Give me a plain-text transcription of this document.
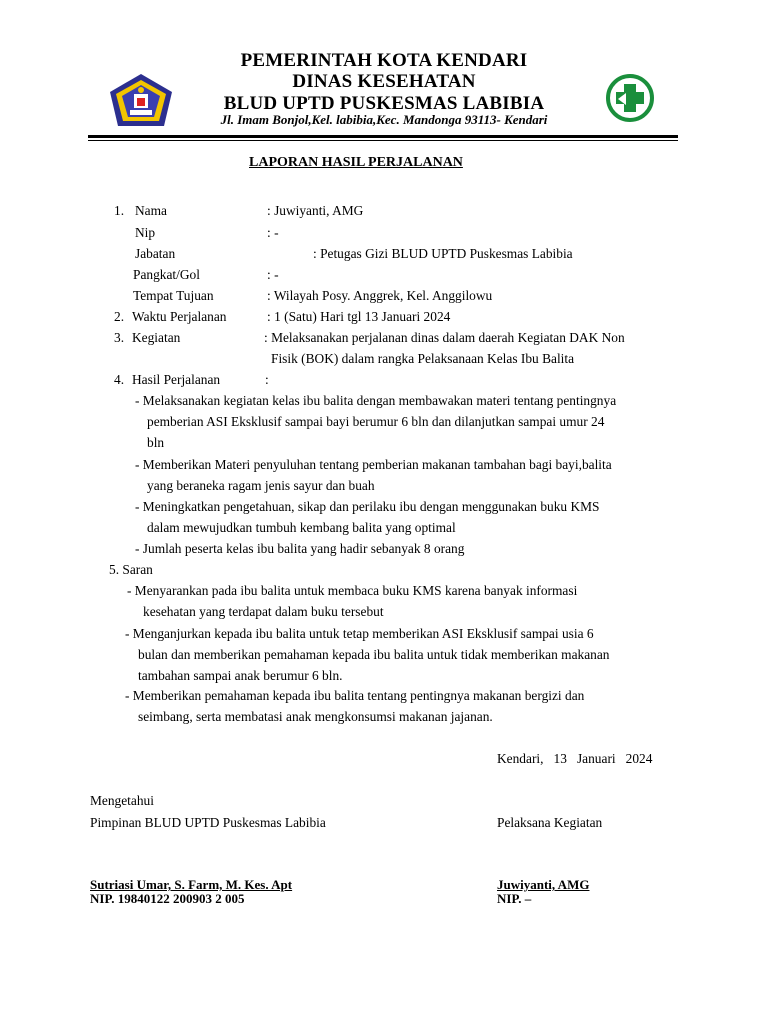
PEMERINTAH KOTA KENDARI
DINAS KESEHATAN
BLUD UPTD PUSKESMAS LABIBIA
Jl. Imam Bonjol,Kel. labibia,Kec. Mandonga 93113- Kendari
LAPORAN HASIL PERJALANAN
1. Nama	: Juwiyanti, AMG
Nip	: -
Jabatan	: Petugas Gizi BLUD UPTD Puskesmas Labibia
Pangkat/Gol	: -
Tempat Tujuan	: Wilayah Posy. Anggrek, Kel. Anggilowu
2. Waktu Perjalanan	: 1 (Satu) Hari tgl 13 Januari 2024
3. Kegiatan	: Melaksanakan perjalanan dinas dalam daerah Kegiatan DAK Non
Fisik (BOK) dalam rangka Pelaksanaan Kelas Ibu Balita
4. Hasil Perjalanan	:
- Melaksanakan kegiatan kelas ibu balita dengan membawakan materi tentang pentingnya
pemberian ASI Eksklusif sampai bayi berumur 6 bln dan dilanjutkan sampai umur 24
bln
- Memberikan Materi penyuluhan tentang pemberian makanan tambahan bagi bayi,balita
yang beraneka ragam jenis sayur dan buah
- Meningkatkan pengetahuan, sikap dan perilaku ibu dengan menggunakan buku KMS
dalam mewujudkan tumbuh kembang balita yang optimal
- Jumlah peserta kelas ibu balita yang hadir sebanyak 8 orang
5. Saran
- Menyarankan pada ibu balita untuk membaca buku KMS karena banyak informasi
kesehatan yang terdapat dalam buku tersebut
- Menganjurkan kepada ibu balita untuk tetap memberikan ASI Eksklusif sampai usia 6
bulan dan memberikan pemahaman kepada ibu balita untuk tidak memberikan makanan
tambahan sampai anak berumur 6 bln.
- Memberikan pemahaman kepada ibu balita tentang pentingnya makanan bergizi dan
seimbang, serta membatasi anak mengkonsumsi makanan jajanan.
Kendari,   13   Januari   2024
Mengetahui
Pimpinan BLUD UPTD Puskesmas Labibia	Pelaksana Kegiatan
Sutriasi Umar, S. Farm, M. Kes. Apt
NIP. 19840122 200903 2 005
Juwiyanti, AMG
NIP. –
